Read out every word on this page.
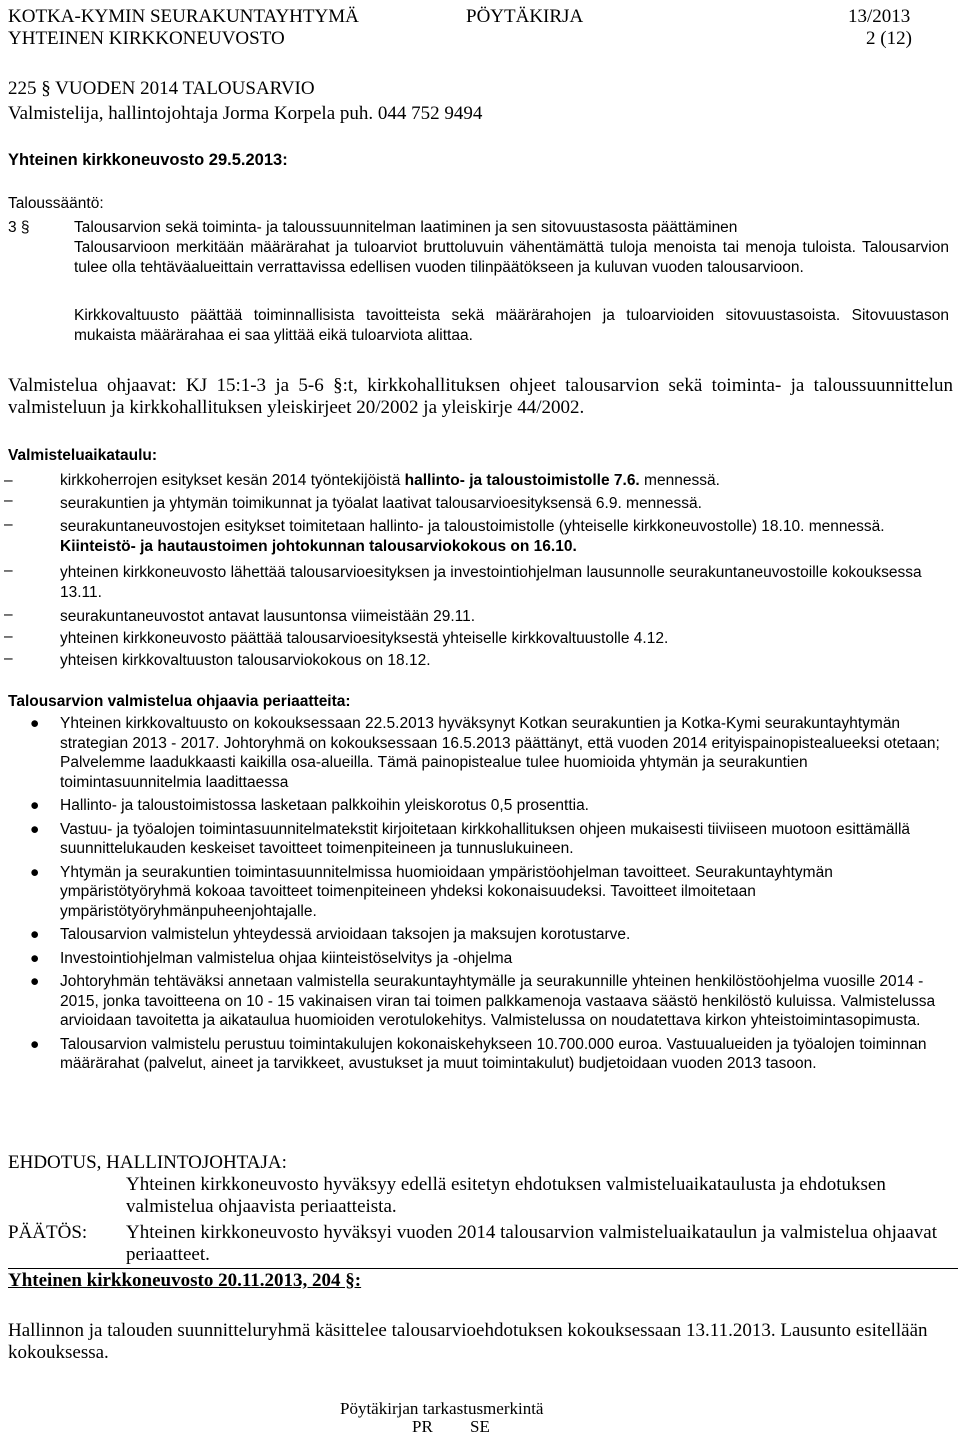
KOTKA-KYMIN SEURAKUNTAYHTYMÄ	PÖYTÄKIRJA	13/2013
YHTEINEN KIRKKONEUVOSTO	2 (12)
225 § VUODEN 2014 TALOUSARVIO
Valmistelija, hallintojohtaja Jorma Korpela puh. 044 752 9494
Yhteinen kirkkoneuvosto 29.5.2013:
Taloussääntö:
3 §	Talousarvion sekä toiminta- ja taloussuunnitelman laatiminen ja sen sitovuustasosta päättäminen
Talousarvioon merkitään määrärahat ja tuloarviot bruttoluvuin vähentämättä tuloja menoista tai menoja tuloista. Talousarvion tulee olla tehtäväalueittain verrattavissa edellisen vuoden tilinpäätökseen ja kuluvan vuoden talousarvioon.
Kirkkovaltuusto päättää toiminnallisista tavoitteista sekä määrärahojen ja tuloarvioiden sitovuustasoista. Sitovuustason mukaista määrärahaa ei saa ylittää eikä tuloarviota alittaa.
Valmistelua ohjaavat: KJ 15:1-3 ja 5-6 §:t, kirkkohallituksen ohjeet talousarvion sekä toiminta- ja taloussuunnittelun valmisteluun ja kirkkohallituksen yleiskirjeet 20/2002 ja yleiskirje 44/2002.
Valmisteluaikataulu:
–	kirkkoherrojen esitykset kesän 2014 työntekijöistä hallinto- ja taloustoimistolle 7.6. mennessä.
–	seurakuntien ja yhtymän toimikunnat ja työalat laativat talousarvioesityksensä 6.9. mennessä.
–	seurakuntaneuvostojen esitykset toimitetaan hallinto- ja taloustoimistolle (yhteiselle kirkkoneuvostolle) 18.10. mennessä. Kiinteistö- ja hautaustoimen johtokunnan talousarviokokous on 16.10.
–	yhteinen kirkkoneuvosto lähettää talousarvioesityksen ja investointiohjelman lausunnolle seurakuntaneuvostoille kokouksessa 13.11.
–	seurakuntaneuvostot antavat lausuntonsa viimeistään 29.11.
–	yhteinen kirkkoneuvosto päättää talousarvioesityksestä yhteiselle kirkkovaltuustolle 4.12.
–	yhteisen kirkkovaltuuston talousarviokokous on 18.12.
Talousarvion valmistelua ohjaavia periaatteita:
● Yhteinen kirkkovaltuusto on kokouksessaan 22.5.2013 hyväksynyt Kotkan seurakuntien ja Kotka-Kymi seurakuntayhtymän strategian 2013 - 2017. Johtoryhmä on kokouksessaan 16.5.2013 päättänyt, että vuoden 2014 erityispainopistealueeksi otetaan; Palvelemme laadukkaasti kaikilla osa-alueilla. Tämä painopistealue tulee huomioida yhtymän ja seurakuntien toimintasuunnitelmia laadittaessa
● Hallinto- ja taloustoimistossa lasketaan palkkoihin yleiskorotus 0,5 prosenttia.
● Vastuu- ja työalojen toimintasuunnitelmatekstit kirjoitetaan kirkkohallituksen ohjeen mukaisesti tiiviiseen muotoon esittämällä suunnittelukauden keskeiset tavoitteet toimenpiteineen ja tunnuslukuineen.
● Yhtymän ja seurakuntien toimintasuunnitelmissa huomioidaan ympäristöohjelman tavoitteet. Seurakuntayhtymän ympäristötyöryhmä kokoaa tavoitteet toimenpiteineen yhdeksi kokonaisuudeksi. Tavoitteet ilmoitetaan ympäristötyöryhmänpuheenjohtajalle.
● Talousarvion valmistelun yhteydessä arvioidaan taksojen ja maksujen korotustarve.
● Investointiohjelman valmistelua ohjaa kiinteistöselvitys ja -ohjelma
● Johtoryhmän tehtäväksi annetaan valmistella seurakuntayhtymälle ja seurakunnille yhteinen henkilöstöohjelma vuosille 2014 - 2015, jonka tavoitteena on 10 - 15 vakinaisen viran tai toimen palkkamenoja vastaava säästö henkilöstö kuluissa. Valmistelussa arvioidaan tavoitetta ja aikataulua huomioiden verotulokehitys. Valmistelussa on noudatettava kirkon yhteistoimintasopimusta.
● Talousarvion valmistelu perustuu toimintakulujen kokonaiskehykseen 10.700.000 euroa. Vastuualueiden ja työalojen toiminnan määrärahat (palvelut, aineet ja tarvikkeet, avustukset ja muut toimintakulut) budjetoidaan vuoden 2013 tasoon.
EHDOTUS, HALLINTOJOHTAJA:
Yhteinen kirkkoneuvosto hyväksyy edellä esitetyn ehdotuksen valmisteluaikataulusta ja ehdotuksen valmistelua ohjaavista periaatteista.
PÄÄTÖS: Yhteinen kirkkoneuvosto hyväksyi vuoden 2014 talousarvion valmisteluaikataulun ja valmistelua ohjaavat periaatteet.
Yhteinen kirkkoneuvosto 20.11.2013, 204 §:
Hallinnon ja talouden suunnitteluryhmä käsittelee talousarvioehdotuksen kokouksessaan 13.11.2013. Lausunto esitellään kokouksessa.
Pöytäkirjan tarkastusmerkintä
PR SE
